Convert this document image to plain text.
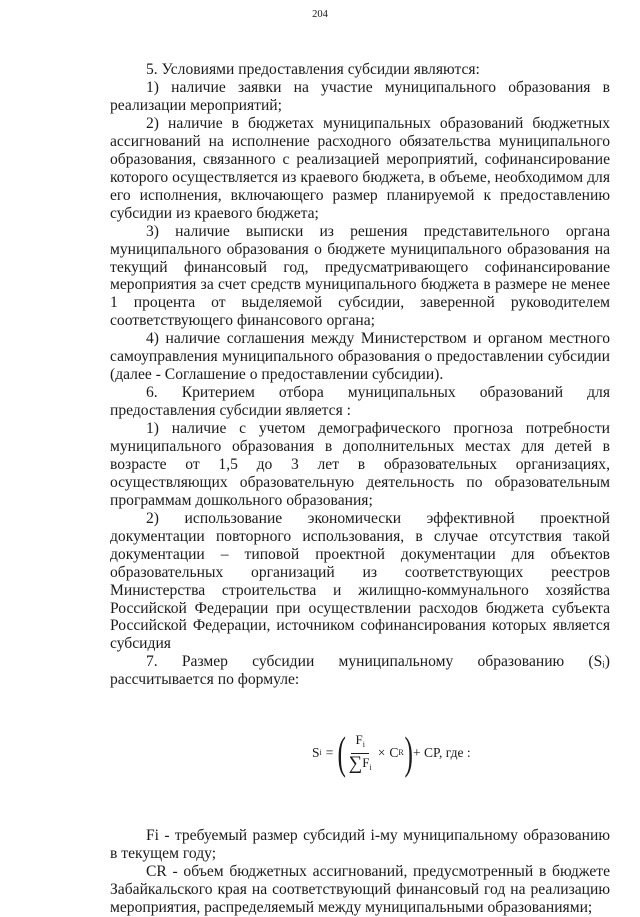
204

5. Условиями предоставления субсидии являются:

1) наличие заявки на участие муниципального образования в реализации мероприятий;

2) наличие в бюджетах муниципальных образований бюджетных ассигнований на исполнение расходного обязательства муниципального образования, связанного с реализацией мероприятий, софинансирование которого осуществляется из краевого бюджета, в объеме, необходимом для его исполнения, включающего размер планируемой к предоставлению субсидии из краевого бюджета;

3) наличие выписки из решения представительного органа муниципального образования о бюджете муниципального образования на текущий финансовый год, предусматривающего софинансирование мероприятия за счет средств муниципального бюджета в размере не менее 1 процента от выделяемой субсидии, заверенной руководителем соответствующего финансового органа;

4) наличие соглашения между Министерством и органом местного самоуправления муниципального образования о предоставлении субсидии (далее - Соглашение о предоставлении субсидии).

6. Критерием отбора муниципальных образований для предоставления субсидии является :

1) наличие с учетом демографического прогноза потребности муниципального образования в дополнительных местах для детей в возрасте от 1,5 до 3 лет в образовательных организациях, осуществляющих образовательную деятельность по образовательным программам дошкольного образования;

2) использование экономически эффективной проектной документации повторного использования, в случае отсутствия такой документации – типовой проектной документации для объектов образовательных организаций из соответствующих реестров Министерства строительства и жилищно-коммунального хозяйства Российской Федерации при осуществлении расходов бюджета субъекта Российской Федерации, источником софинансирования которых является субсидия

7. Размер субсидии муниципальному образованию (Sᵢ) рассчитывается по формуле:

S i = ( $\frac{F_i}{\sum F_i} \times C$ R ) + CP, где :

Fi - требуемый размер субсидий i-му муниципальному образованию в текущем году;

CR - объем бюджетных ассигнований, предусмотренный в бюджете Забайкальского края на соответствующий финансовый год на реализацию мероприятия, распределяемый между муниципальными образованиями;
